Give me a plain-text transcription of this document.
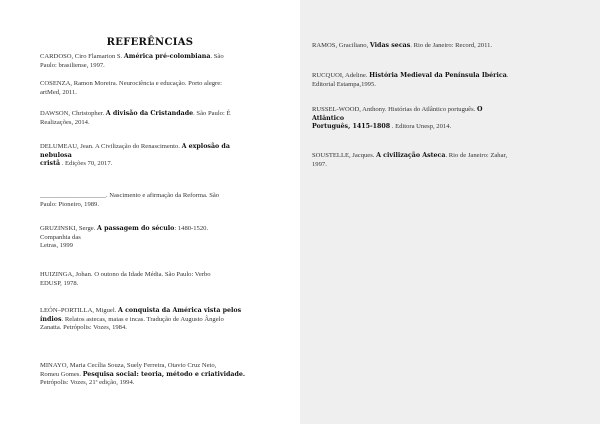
REFERÊNCIAS
CARDOSO, Ciro Flamarion S. América pré-colombiana. São
Paulo: brasiliense, 1997.
COSENZA, Ramon Moreira. Neurociência e educação. Porto alegre:
artMed, 2011.
DAWSON, Christopher. A divisão da Cristandade. São Paulo: É
Realizações, 2014.
DELUMEAU, Jean. A Civilização do Renascimento. A explosão da
nebulosa
cristã . Edições 70, 2017.
____________________. Nascimento e afirmação da Reforma. São
Paulo: Pioneiro, 1989.
GRUZINSKI, Serge. A passagem do século: 1480-1520.
Companhia das
Letras, 1999
HUIZINGA, Johan. O outono da Idade Média. São Paulo: Verbo
EDUSP, 1978.
LEÓN–PORTILLA, Miguel. A conquista da América vista pelos
índios. Relatos astecas, maias e incas. Tradução de Augusto Ângelo
Zanatta. Petrópolis: Vozes, 1984.
MINAYO, Maria Cecília Souza, Suely Ferreira, Otavio Cruz Neto,
Romeu Gomes. Pesquisa social: teoria, método e criatividade.
Petrópolis: Vozes, 21ª edição, 1994.
RAMOS, Graciliano, Vidas secas. Rio de Janeiro: Record, 2011.
RUCQUOI, Adeline. História Medieval da Península Ibérica.
Editorial Estampa,1995.
RUSSEL-WOOD, Anthony. Histórias do Atlântico português. O
Atlântico
Português, 1415-1808 . Editora Unesp, 2014.
SOUSTELLE, Jacques. A civilização Asteca. Rio de Janeiro: Zahar,
1997.
